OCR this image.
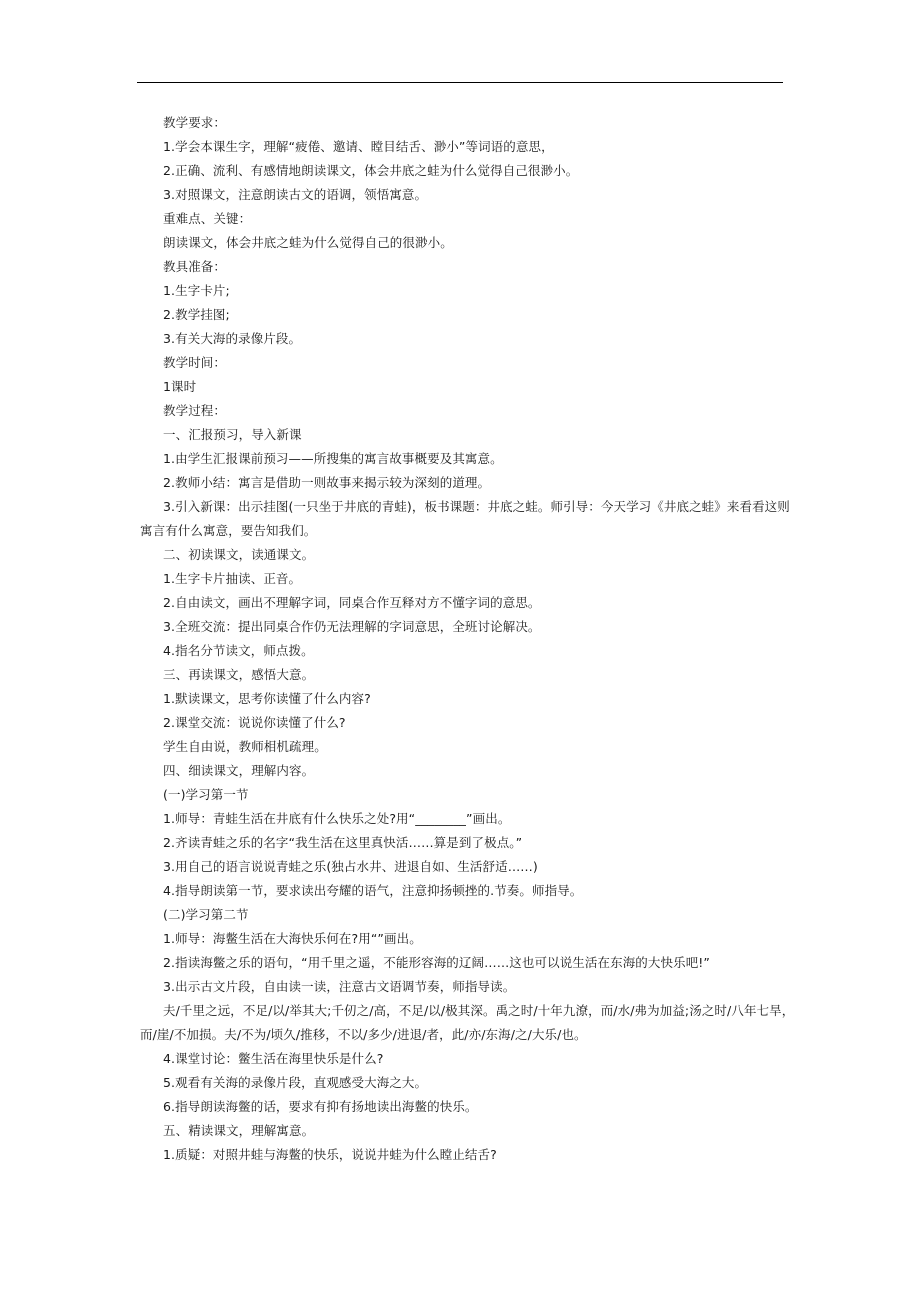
教学要求：
1.学会本课生字，理解“疲倦、邀请、瞠目结舌、渺小”等词语的意思，
2.正确、流利、有感情地朗读课文，体会井底之蛙为什么觉得自己很渺小。
3.对照课文，注意朗读古文的语调，领悟寓意。
重难点、关键：
朗读课文，体会井底之蛙为什么觉得自己的很渺小。
教具准备：
1.生字卡片;
2.教学挂图;
3.有关大海的录像片段。
教学时间：
1课时
教学过程：
一、汇报预习，导入新课
1.由学生汇报课前预习——所搜集的寓言故事概要及其寓意。
2.教师小结：寓言是借助一则故事来揭示较为深刻的道理。
3.引入新课：出示挂图(一只坐于井底的青蛙)，板书课题：井底之蛙。师引导：今天学习《井底之蛙》来看看这则
寓言有什么寓意，要告知我们。
二、初读课文，读通课文。
1.生字卡片抽读、正音。
2.自由读文，画出不理解字词，同桌合作互释对方不懂字词的意思。
3.全班交流：提出同桌合作仍无法理解的字词意思，全班讨论解决。
4.指名分节读文，师点拨。
三、再读课文，感悟大意。
1.默读课文，思考你读懂了什么内容?
2.课堂交流：说说你读懂了什么?
学生自由说，教师相机疏理。
四、细读课文，理解内容。
(一)学习第一节
1.师导：青蛙生活在井底有什么快乐之处?用“________”画出。
2.齐读青蛙之乐的名字“我生活在这里真快活……算是到了极点。”
3.用自己的语言说说青蛙之乐(独占水井、进退自如、生活舒适……)
4.指导朗读第一节，要求读出夸耀的语气，注意抑扬顿挫的.节奏。师指导。
(二)学习第二节
1.师导：海鳖生活在大海快乐何在?用“”画出。
2.指读海鳖之乐的语句，“用千里之遥，不能形容海的辽阔……这也可以说生活在东海的大快乐吧!”
3.出示古文片段，自由读一读，注意古文语调节奏，师指导读。
夫/千里之远，不足/以/举其大;千仞之/高，不足/以/极其深。禹之时/十年九潦，而/水/弗为加益;汤之时/八年七旱，
而/崖/不加损。夫/不为/顷久/推移，不以/多少/进退/者，此/亦/东海/之/大乐/也。
4.课堂讨论：鳖生活在海里快乐是什么?
5.观看有关海的录像片段，直观感受大海之大。
6.指导朗读海鳖的话，要求有抑有扬地读出海鳖的快乐。
五、精读课文，理解寓意。
1.质疑：对照井蛙与海鳖的快乐，说说井蛙为什么瞠止结舌?
